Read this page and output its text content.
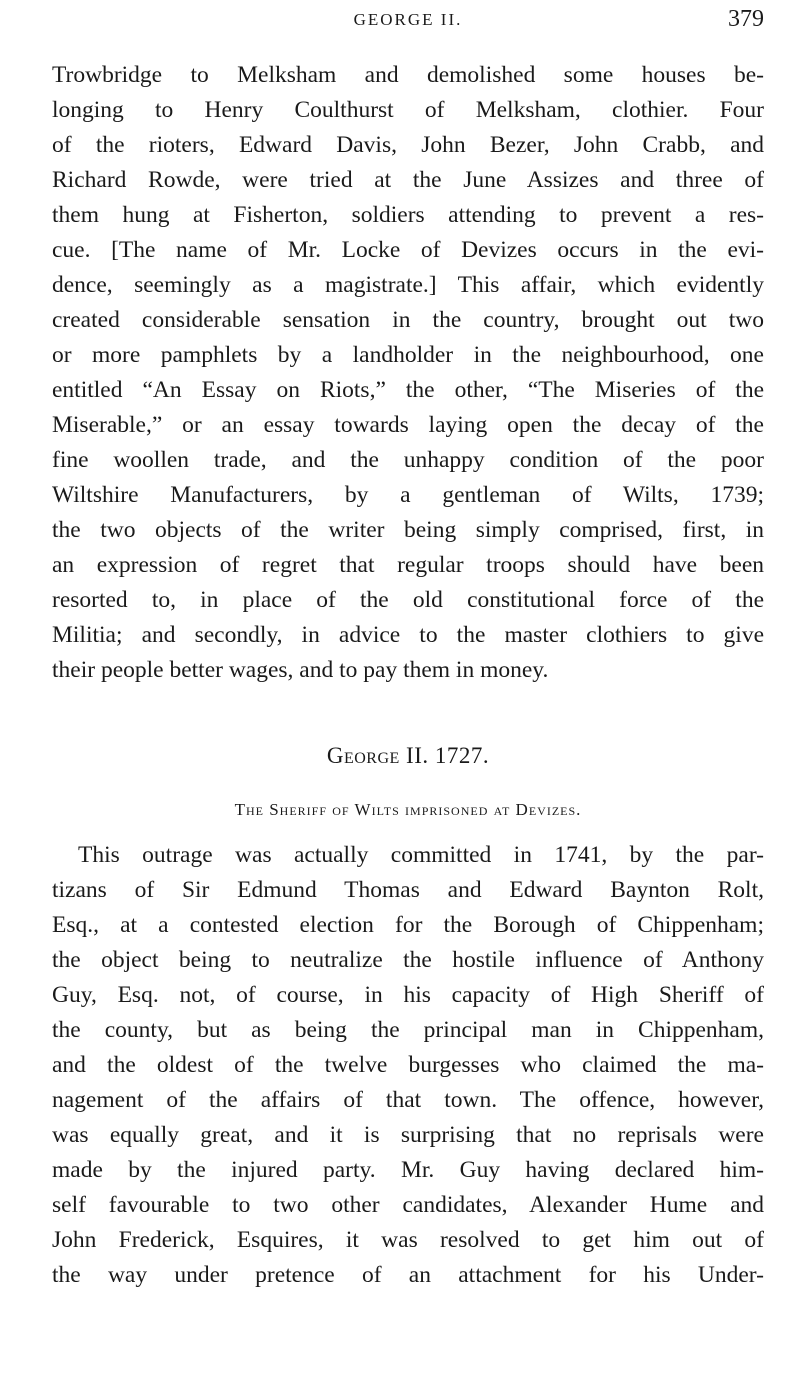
GEORGE II.	379
Trowbridge to Melksham and demolished some houses be-
longing to Henry Coulthurst of Melksham, clothier. Four
of the rioters, Edward Davis, John Bezer, John Crabb, and
Richard Rowde, were tried at the June Assizes and three of
them hung at Fisherton, soldiers attending to prevent a res-
cue. [The name of Mr. Locke of Devizes occurs in the evi-
dence, seemingly as a magistrate.] This affair, which evidently
created considerable sensation in the country, brought out two
or more pamphlets by a landholder in the neighbourhood, one
entitled “An Essay on Riots,” the other, “The Miseries of the
Miserable,” or an essay towards laying open the decay of the
fine woollen trade, and the unhappy condition of the poor
Wiltshire Manufacturers, by a gentleman of Wilts, 1739;
the two objects of the writer being simply comprised, first, in
an expression of regret that regular troops should have been
resorted to, in place of the old constitutional force of the
Militia; and secondly, in advice to the master clothiers to give
their people better wages, and to pay them in money.
George II. 1727.
The Sheriff of Wilts imprisoned at Devizes.
This outrage was actually committed in 1741, by the par-
tizans of Sir Edmund Thomas and Edward Baynton Rolt,
Esq., at a contested election for the Borough of Chippenham;
the object being to neutralize the hostile influence of Anthony
Guy, Esq. not, of course, in his capacity of High Sheriff of
the county, but as being the principal man in Chippenham,
and the oldest of the twelve burgesses who claimed the ma-
nagement of the affairs of that town. The offence, however,
was equally great, and it is surprising that no reprisals were
made by the injured party. Mr. Guy having declared him-
self favourable to two other candidates, Alexander Hume and
John Frederick, Esquires, it was resolved to get him out of
the way under pretence of an attachment for his Under-
